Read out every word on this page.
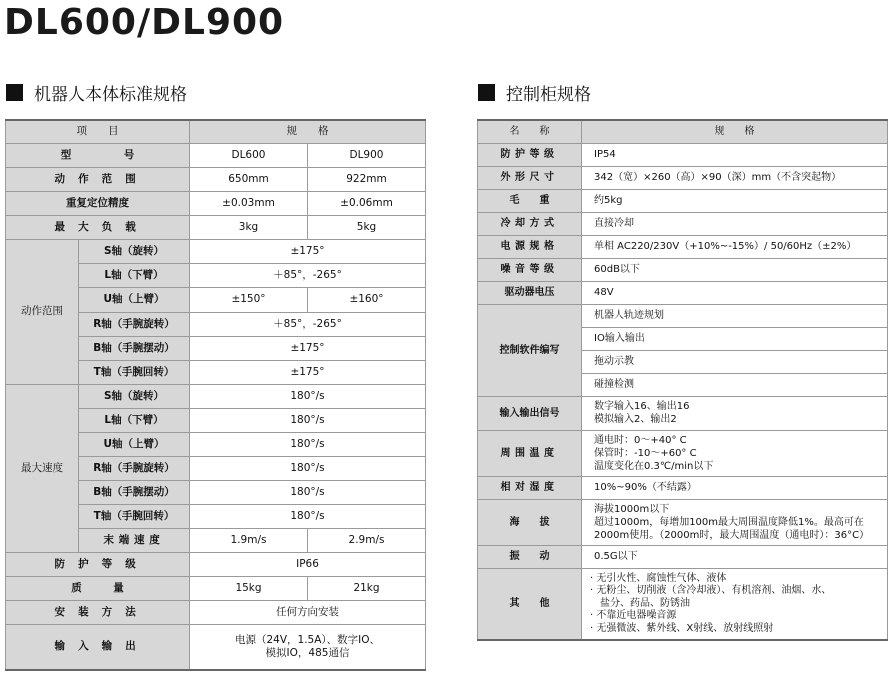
DL600/DL900
机器人本体标准规格	控制柜规格
项　　目		规　　格	
型　　　　　号		DL600	DL900
动 作 范 围		650mm	922mm
重复定位精度		±0.03mm	±0.06mm
最 大 负 载		3kg	5kg
动作范围	S轴（旋转）	±175°	
	L轴（下臂）	＋85°，-265°	
	U轴（上臂）	±150°	±160°
	R轴（手腕旋转）	＋85°，-265°	
	B轴（手腕摆动）	±175°	
	T轴（手腕回转）	±175°	
最大速度	S轴（旋转）	180°/s	
	L轴（下臂）	180°/s	
	U轴（上臂）	180°/s	
	R轴（手腕旋转）	180°/s	
	B轴（手腕摆动）	180°/s	
	T轴（手腕回转）	180°/s	
	末端速度	1.9m/s	2.9m/s
防 护 等 级		IP66	
质　　　量		15kg	21kg
安 装 方 法		任何方向安装	
输 入 输 出		电源（24V，1.5A）、数字IO、
模拟IO，485通信	
名　　称	规　　格
防护等级	IP54
外形尺寸	342（宽）×260（高）×90（深）mm（不含突起物）
毛　　重	约5kg
冷却方式	直接冷却
电源规格	单相 AC220/230V（+10%~-15%）/ 50/60Hz（±2%）
噪音等级	60dB以下
驱动器电压	48V
控制软件编写	机器人轨迹规划
	IO输入输出
	拖动示教
	碰撞检测
输入输出信号	数字输入16、输出16
模拟输入2、输出2

周围温度	通电时：0～+40° C
保管时：-10～+60° C
温度变化在0.3℃/min以下

相对湿度	10%~90%（不结露）
海　　拔	海拔1000m以下
超过1000m，每增加100m最大周围温度降低1%。最高可在
2000m使用。（2000m时，最大周围温度（通电时）：36°C）

振　　动	0.5G以下
其　　他	· 无引火性、腐蚀性气体、液体
· 无粉尘、切削液（含冷却液）、有机溶剂、油烟、水、
　盐分、药品、防锈油
· 不靠近电器噪音源
· 无强微波、紫外线、X射线、放射线照射
